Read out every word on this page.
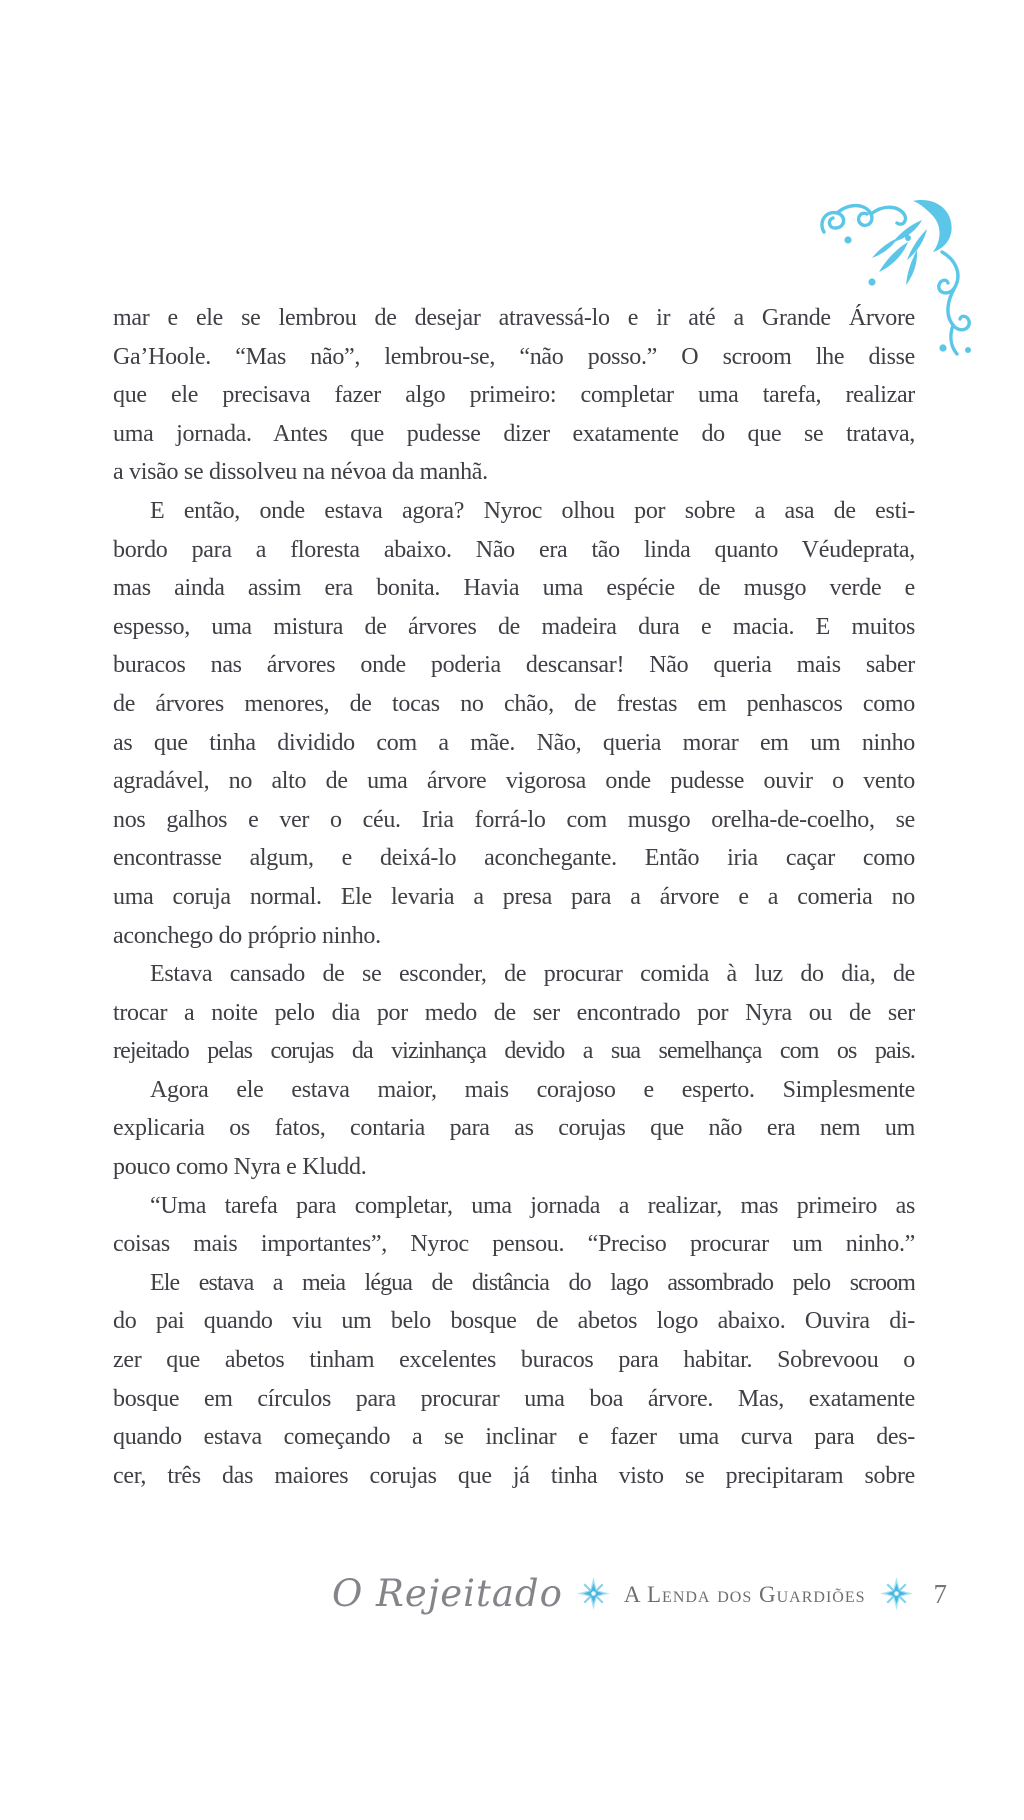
mar e ele se lembrou de desejar atravessá-lo e ir até a Grande Árvore
Ga’Hoole. “Mas não”, lembrou-se, “não posso.” O scroom lhe disse
que ele precisava fazer algo primeiro: completar uma tarefa, realizar
uma jornada. Antes que pudesse dizer exatamente do que se tratava,
a visão se dissolveu na névoa da manhã.
E então, onde estava agora? Nyroc olhou por sobre a asa de esti-
bordo para a floresta abaixo. Não era tão linda quanto Véudeprata,
mas ainda assim era bonita. Havia uma espécie de musgo verde e
espesso, uma mistura de árvores de madeira dura e macia. E muitos
buracos nas árvores onde poderia descansar! Não queria mais saber
de árvores menores, de tocas no chão, de frestas em penhascos como
as que tinha dividido com a mãe. Não, queria morar em um ninho
agradável, no alto de uma árvore vigorosa onde pudesse ouvir o vento
nos galhos e ver o céu. Iria forrá-lo com musgo orelha-de-coelho, se
encontrasse algum, e deixá-lo aconchegante. Então iria caçar como
uma coruja normal. Ele levaria a presa para a árvore e a comeria no
aconchego do próprio ninho.
Estava cansado de se esconder, de procurar comida à luz do dia, de
trocar a noite pelo dia por medo de ser encontrado por Nyra ou de ser
rejeitado pelas corujas da vizinhança devido a sua semelhança com os pais.
Agora ele estava maior, mais corajoso e esperto. Simplesmente
explicaria os fatos, contaria para as corujas que não era nem um
pouco como Nyra e Kludd.
“Uma tarefa para completar, uma jornada a realizar, mas primeiro as
coisas mais importantes”, Nyroc pensou. “Preciso procurar um ninho.”
Ele estava a meia légua de distância do lago assombrado pelo scroom
do pai quando viu um belo bosque de abetos logo abaixo. Ouvira di-
zer que abetos tinham excelentes buracos para habitar. Sobrevoou o
bosque em círculos para procurar uma boa árvore. Mas, exatamente
quando estava começando a se inclinar e fazer uma curva para des-
cer, três das maiores corujas que já tinha visto se precipitaram sobre
O Rejeitado	A Lenda dos Guardiões	7
